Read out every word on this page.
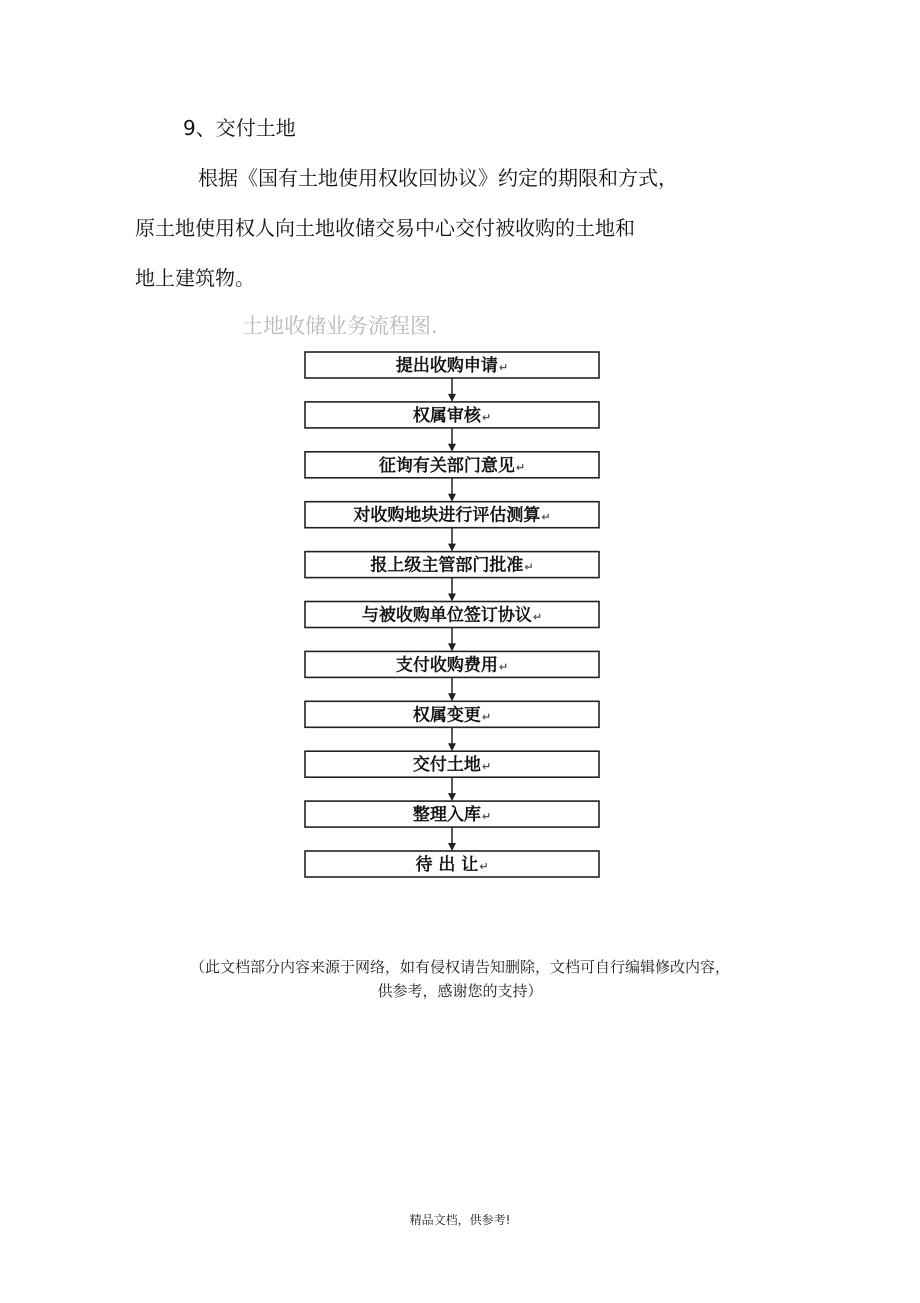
9、交付土地
根据《国有土地使用权收回协议》约定的期限和方式，
原土地使用权人向土地收储交易中心交付被收购的土地和
地上建筑物。
土地收储业务流程图.
提出收购申请↵
权属审核↵
征询有关部门意见↵
对收购地块进行评估测算↵
报上级主管部门批准↵
与被收购单位签订协议↵
支付收购费用↵
权属变更↵
交付土地↵
整理入库↵
待 出 让↵
（此文档部分内容来源于网络，如有侵权请告知删除，文档可自行编辑修改内容，
供参考，感谢您的支持）
精品文档，供参考!
